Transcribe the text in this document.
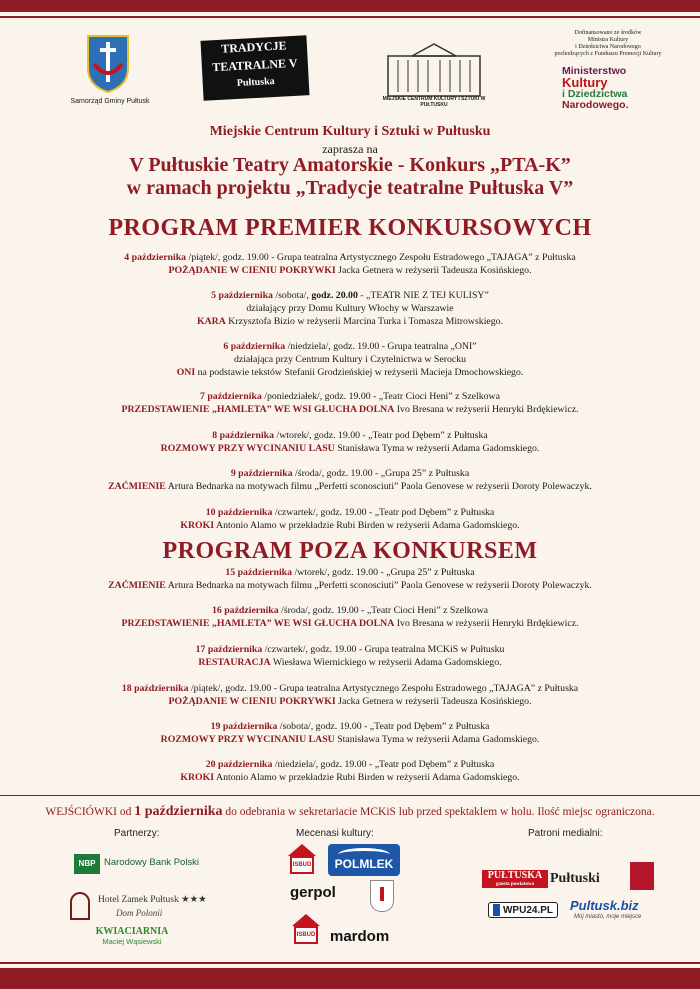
Samorząd Gminy Pułtusk
TRADYCJE
TEATRALNE V
Pułtuska
MIEJSKIE CENTRUM KULTURY I SZTUKI W PUŁTUSKU
Dofinansowano ze środków
Ministra Kultury
i Dziedzictwa Narodowego
pochodzących z Funduszu Promocji Kultury
Ministerstwo
Kultury
i Dziedzictwa
Narodowego.
Miejskie Centrum Kultury i Sztuki w Pułtusku
zaprasza na
V Pułtuskie Teatry Amatorskie - Konkurs „PTA-K”
w ramach projektu „Tradycje teatralne Pułtuska V”
PROGRAM PREMIER KONKURSOWYCH
4 października /piątek/, godz. 19.00 - Grupa teatralna Artystycznego Zespołu Estradowego „TAJAGA” z Pułtuska
POŻĄDANIE W CIENIU POKRYWKI Jacka Getnera w reżyserii Tadeusza Kosińskiego.
5 października /sobota/, godz. 20.00 - „TEATR NIE Z TEJ KULISY”
działający przy Domu Kultury Włochy w Warszawie
KARA Krzysztofa Bizio w reżyserii Marcina Turka i Tomasza Mitrowskiego.
6 października /niedziela/, godz. 19.00 - Grupa teatralna „ONI”
działająca przy Centrum Kultury i Czytelnictwa w Serocku
ONI na podstawie tekstów Stefanii Grodzieńskiej w reżyserii Macieja Dmochowskiego.
7 października /poniedziałek/, godz. 19.00 - „Teatr Cioci Heni” z Szelkowa
PRZEDSTAWIENIE „HAMLETA” WE WSI GŁUCHA DOLNA Ivo Bresana w reżyserii Henryki Brdękiewicz.
8 października /wtorek/, godz. 19.00 - „Teatr pod Dębem” z Pułtuska
ROZMOWY PRZY WYCINANIU LASU Stanisława Tyma w reżyserii Adama Gadomskiego.
9 października /środa/, godz. 19.00 - „Grupa 25” z Pułtuska
ZAĆMIENIE Artura Bednarka na motywach filmu „Perfetti sconosciuti” Paola Genovese w reżyserii Doroty Polewaczyk.
10 października /czwartek/, godz. 19.00 - „Teatr pod Dębem” z Pułtuska
KROKI Antonio Alamo w przekładzie Rubi Birden w reżyserii Adama Gadomskiego.
PROGRAM POZA KONKURSEM
15 października /wtorek/, godz. 19.00 - „Grupa 25” z Pułtuska
ZAĆMIENIE Artura Bednarka na motywach filmu „Perfetti sconosciuti” Paola Genovese w reżyserii Doroty Polewaczyk.
16 października /środa/, godz. 19.00 - „Teatr Cioci Heni” z Szelkowa
PRZEDSTAWIENIE „HAMLETA” WE WSI GŁUCHA DOLNA Ivo Bresana w reżyserii Henryki Brdękiewicz.
17 października /czwartek/, godz. 19.00 - Grupa teatralna MCKiS w Pułtusku
RESTAURACJA Wiesława Wiernickiego w reżyserii Adama Gadomskiego.
18 października /piątek/, godz. 19.00 - Grupa teatralna Artystycznego Zespołu Estradowego „TAJAGA” z Pułtuska
POŻĄDANIE W CIENIU POKRYWKI Jacka Getnera w reżyserii Tadeusza Kosińskiego.
19 października /sobota/, godz. 19.00 - „Teatr pod Dębem” z Pułtuska
ROZMOWY PRZY WYCINANIU LASU Stanisława Tyma w reżyserii Adama Gadomskiego.
20 października /niedziela/, godz. 19.00 - „Teatr pod Dębem” z Pułtuska
KROKI Antonio Alamo w przekładzie Rubi Birden w reżyserii Adama Gadomskiego.
WEJŚCIÓWKI od 1 października do odebrania w sekretariacie MCKiS lub przed spektaklem w holu. Ilość miejsc ograniczona.
Partnerzy:	Mecenasi kultury:	Patroni medialni:
NBP Narodowy Bank Polski
Hotel Zamek Pułtusk ★★★
Dom Polonii
KWIACIARNIA
Maciej Wąsiewski
ISBUD	POLMLEK
gerpol
ISBUD mardom
PUŁTUSKA
gazeta powiatowa	Pułtuski
WPU24.PL	Pultusk.biz
Mój miasto, moje miejsce
